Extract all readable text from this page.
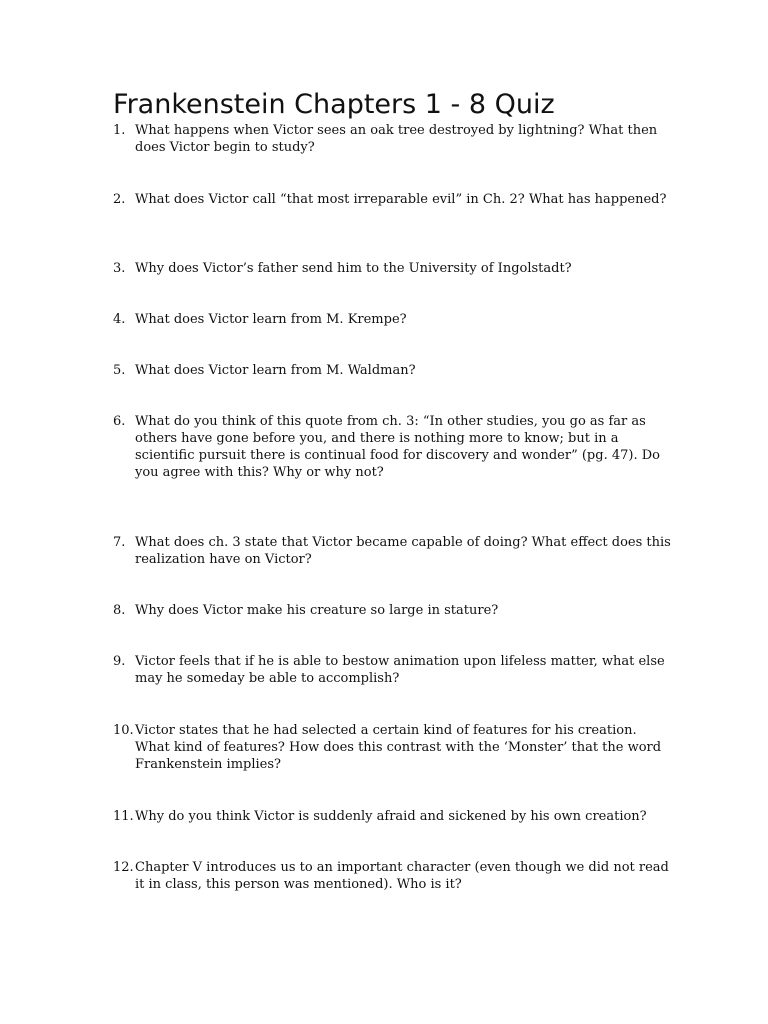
Frankenstein Chapters 1 - 8 Quiz
1. What happens when Victor sees an oak tree destroyed by lightning? What then does Victor begin to study?
2. What does Victor call “that most irreparable evil” in Ch. 2? What has happened?
3. Why does Victor’s father send him to the University of Ingolstadt?
4. What does Victor learn from M. Krempe?
5. What does Victor learn from M. Waldman?
6. What do you think of this quote from ch. 3: “In other studies, you go as far as others have gone before you, and there is nothing more to know; but in a scientific pursuit there is continual food for discovery and wonder” (pg. 47). Do you agree with this? Why or why not?
7. What does ch. 3 state that Victor became capable of doing? What effect does this realization have on Victor?
8. Why does Victor make his creature so large in stature?
9. Victor feels that if he is able to bestow animation upon lifeless matter, what else may he someday be able to accomplish?
10. Victor states that he had selected a certain kind of features for his creation. What kind of features? How does this contrast with the ‘Monster’ that the word Frankenstein implies?
11. Why do you think Victor is suddenly afraid and sickened by his own creation?
12. Chapter V introduces us to an important character (even though we did not read it in class, this person was mentioned). Who is it?
